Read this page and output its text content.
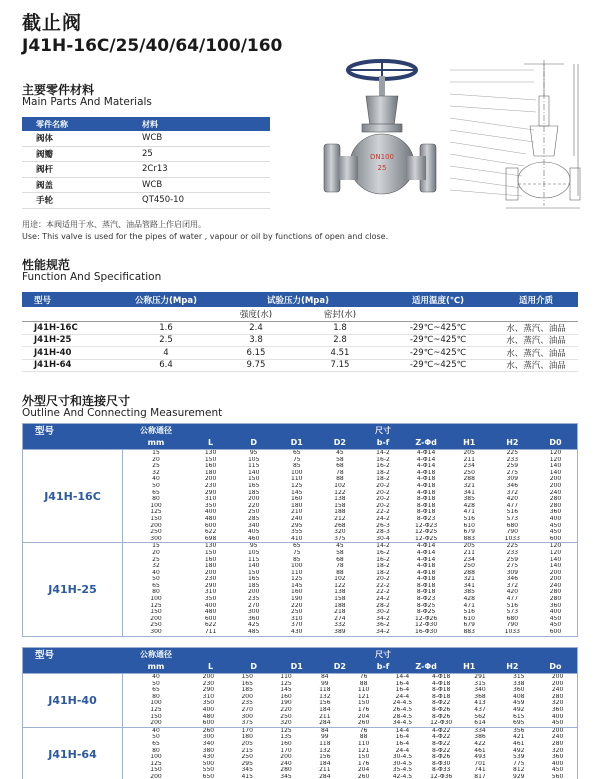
截止阀
J41H-16C/25/40/64/100/160
主要零件材料
Main Parts And Materials
零件名称	材料
阀体	WCB
阀瓣	25
阀杆	2Cr13
阀盖	WCB
手轮	QT450-10
用途：本阀适用于水、蒸汽、油品管路上作启闭用。
Use: This valve is used for the pipes of water , vapour or oil by functions of open and close.
DN100
25
性能规范
Function And Specification
型号	公称压力(Mpa)	试验压力(Mpa)	适用温度(℃)	适用介质
强度(水)	密封(水)
J41H-16C	1.6	2.4	1.8	-29℃~425℃	水、蒸汽、油品
J41H-25	2.5	3.8	2.8	-29℃~425℃	水、蒸汽、油品
J41H-40	4	6.15	4.51	-29℃~425℃	水、蒸汽、油品
J41H-64	6.4	9.75	7.15	-29℃~425℃	水、蒸汽、油品
外型尺寸和连接尺寸
Outline And Connecting Measurement
型号	公称通径	尺寸
mm	L	D	D1	D2	b-f	Z-Φd	H1	H2	D0
J41H-16C
15	130	95	65	45	14-2	4-Φ14	205	225	120
20	150	105	75	58	16-2	4-Φ14	211	233	120
25	160	115	85	68	16-2	4-Φ14	234	259	140
32	180	140	100	78	18-2	4-Φ18	250	275	140
40	200	150	110	88	18-2	4-Φ18	288	309	200
50	230	165	125	102	20-2	4-Φ18	321	346	200
65	290	185	145	122	20-2	4-Φ18	341	372	240
80	310	200	160	138	20-2	8-Φ18	385	420	280
100	350	220	180	158	20-2	8-Φ18	428	477	280
125	400	250	210	188	22-2	8-Φ18	471	516	360
150	480	285	240	212	24-2	8-Φ23	516	573	400
200	600	340	295	268	26-3	12-Φ23	610	680	450
250	622	405	355	320	28-3	12-Φ25	679	790	450
300	698	460	410	375	30-4	12-Φ25	883	1033	600
J41H-25
15	130	95	65	45	14-2	4-Φ14	205	225	120
20	150	105	75	58	16-2	4-Φ14	211	233	120
25	160	115	85	68	16-2	4-Φ14	234	259	140
32	180	140	100	78	18-2	4-Φ18	250	275	140
40	200	150	110	88	18-2	4-Φ18	288	309	200
50	230	165	125	102	20-2	4-Φ18	321	346	200
65	290	185	145	122	22-2	8-Φ18	341	372	240
80	310	200	160	138	22-2	8-Φ18	385	420	280
100	350	235	190	158	24-2	8-Φ23	428	477	280
125	400	270	220	188	28-2	8-Φ25	471	516	360
150	480	300	250	218	30-2	8-Φ25	516	573	400
200	600	360	310	274	34-2	12-Φ26	610	680	450
250	622	425	370	332	36-2	12-Φ30	679	790	450
300	711	485	430	389	34-2	16-Φ30	883	1033	600
型号	公称通径	尺寸
mm	L	D	D1	D2	b-f	Z-Φd	H1	H2	Do
J41H-40
40	200	150	110	84	76	14-4	4-Φ18	291	315	200
50	230	165	125	99	88	16-4	4-Φ18	315	338	200
65	290	185	145	118	110	16-4	8-Φ18	340	360	240
80	310	200	160	132	121	24-4	8-Φ18	368	408	280
100	350	235	190	156	150	24-4.5	8-Φ22	413	459	320
125	400	270	220	184	176	26-4.5	8-Φ26	437	492	360
150	480	300	250	211	204	28-4.5	8-Φ26	562	615	400
200	600	375	320	284	260	34-4.5	12-Φ30	614	695	450
J41H-64
40	260	170	125	84	76	14-4	4-Φ22	334	356	200
50	300	180	135	99	88	16-4	4-Φ22	386	421	240
65	340	205	160	118	110	16-4	8-Φ22	422	461	280
80	380	215	170	132	121	24-4	8-Φ22	461	492	320
100	430	250	200	156	150	30-4.5	8-Φ26	493	539	360
125	500	295	240	184	176	30-4.5	8-Φ30	701	775	400
150	550	345	280	211	204	35-4.5	8-Φ33	741	812	450
200	650	415	345	284	260	42-4.5	12-Φ36	817	929	560
